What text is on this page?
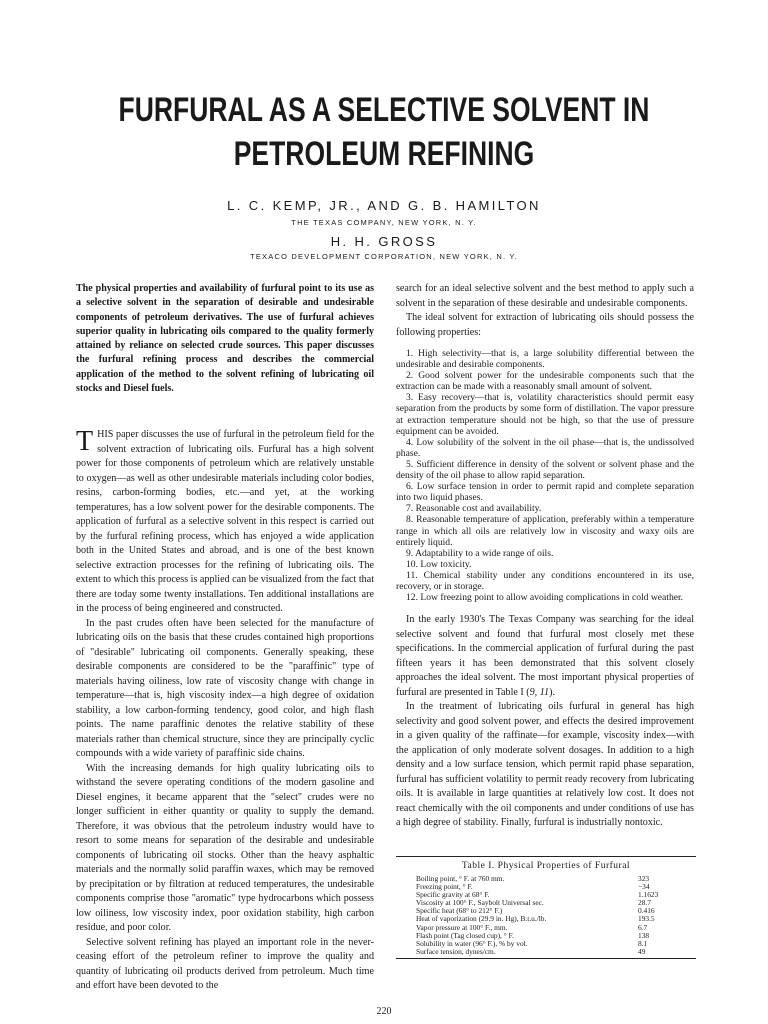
FURFURAL AS A SELECTIVE SOLVENT IN
PETROLEUM REFINING
L. C. KEMP, JR., AND G. B. HAMILTON
THE TEXAS COMPANY, NEW YORK, N. Y.
H. H. GROSS
TEXACO DEVELOPMENT CORPORATION, NEW YORK, N. Y.
The physical properties and availability of furfural point to its use as a selective solvent in the separation of desirable and undesirable components of petroleum derivatives. The use of furfural achieves superior quality in lubricating oils compared to the quality formerly attained by reliance on selected crude sources. This paper discusses the furfural refining process and describes the commercial application of the method to the solvent refining of lubricating oil stocks and Diesel fuels.

THIS paper discusses the use of furfural in the petroleum field for the solvent extraction of lubricating oils. Furfural has a high solvent power for those components of petroleum which are relatively unstable to oxygen—as well as other undesirable materials including color bodies, resins, carbon-forming bodies, etc.—and yet, at the working temperatures, has a low solvent power for the desirable components. The application of furfural as a selective solvent in this respect is carried out by the furfural refining process, which has enjoyed a wide application both in the United States and abroad, and is one of the best known selective extraction processes for the refining of lubricating oils. The extent to which this process is applied can be visualized from the fact that there are today some twenty installations. Ten additional installations are in the process of being engineered and constructed.

In the past crudes often have been selected for the manufacture of lubricating oils on the basis that these crudes contained high proportions of "desirable" lubricating oil components. Generally speaking, these desirable components are considered to be the "paraffinic" type of materials having oiliness, low rate of viscosity change with change in temperature—that is, high viscosity index—a high degree of oxidation stability, a low carbon-forming tendency, good color, and high flash points. The name paraffinic denotes the relative stability of these materials rather than chemical structure, since they are principally cyclic compounds with a wide variety of paraffinic side chains.

With the increasing demands for high quality lubricating oils to withstand the severe operating conditions of the modern gasoline and Diesel engines, it became apparent that the "select" crudes were no longer sufficient in either quantity or quality to supply the demand. Therefore, it was obvious that the petroleum industry would have to resort to some means for separation of the desirable and undesirable components of lubricating oil stocks. Other than the heavy asphaltic materials and the normally solid paraffin waxes, which may be removed by precipitation or by filtration at reduced temperatures, the undesirable components comprise those "aromatic" type hydrocarbons which possess low oiliness, low viscosity index, poor oxidation stability, high carbon residue, and poor color.

Selective solvent refining has played an important role in the never-ceasing effort of the petroleum refiner to improve the quality and quantity of lubricating oil products derived from petroleum. Much time and effort have been devoted to the

search for an ideal selective solvent and the best method to apply such a solvent in the separation of these desirable and undesirable components.

The ideal solvent for extraction of lubricating oils should possess the following properties:

1. High selectivity—that is, a large solubility differential between the undesirable and desirable components.
2. Good solvent power for the undesirable components such that the extraction can be made with a reasonably small amount of solvent.
3. Easy recovery—that is, volatility characteristics should permit easy separation from the products by some form of distillation. The vapor pressure at extraction temperature should not be high, so that the use of pressure equipment can be avoided.
4. Low solubility of the solvent in the oil phase—that is, the undissolved phase.
5. Sufficient difference in density of the solvent or solvent phase and the density of the oil phase to allow rapid separation.
6. Low surface tension in order to permit rapid and complete separation into two liquid phases.
7. Reasonable cost and availability.
8. Reasonable temperature of application, preferably within a temperature range in which all oils are relatively low in viscosity and waxy oils are entirely liquid.
9. Adaptability to a wide range of oils.
10. Low toxicity.
11. Chemical stability under any conditions encountered in its use, recovery, or in storage.
12. Low freezing point to allow avoiding complications in cold weather.

In the early 1930's The Texas Company was searching for the ideal selective solvent and found that furfural most closely met these specifications. In the commercial application of furfural during the past fifteen years it has been demonstrated that this solvent closely approaches the ideal solvent. The most important physical properties of furfural are presented in Table I (9, 11).

In the treatment of lubricating oils furfural in general has high selectivity and good solvent power, and effects the desired improvement in a given quality of the raffinate—for example, viscosity index—with the application of only moderate solvent dosages. In addition to a high density and a low surface tension, which permit rapid phase separation, furfural has sufficient volatility to permit ready recovery from lubricating oils. It is available in large quantities at relatively low cost. It does not react chemically with the oil components and under conditions of use has a high degree of stability. Finally, furfural is industrially nontoxic.

Table I. Physical Properties of Furfural
Boiling point, ° F. at 760 mm.	323
Freezing point, ° F.	−34
Specific gravity at 68° F.	1.1623
Viscosity at 100° F., Saybolt Universal sec.	28.7
Specific heat (68° to 212° F.)	0.416
Heat of vaporization (29.9 in. Hg), B.t.u./lb.	193.5
Vapor pressure at 100° F., mm.	6.7
Flash point (Tag closed cup), ° F.	138
Solubility in water (96° F.), % by vol.	8.1
Surface tension, dynes/cm.	49
220
